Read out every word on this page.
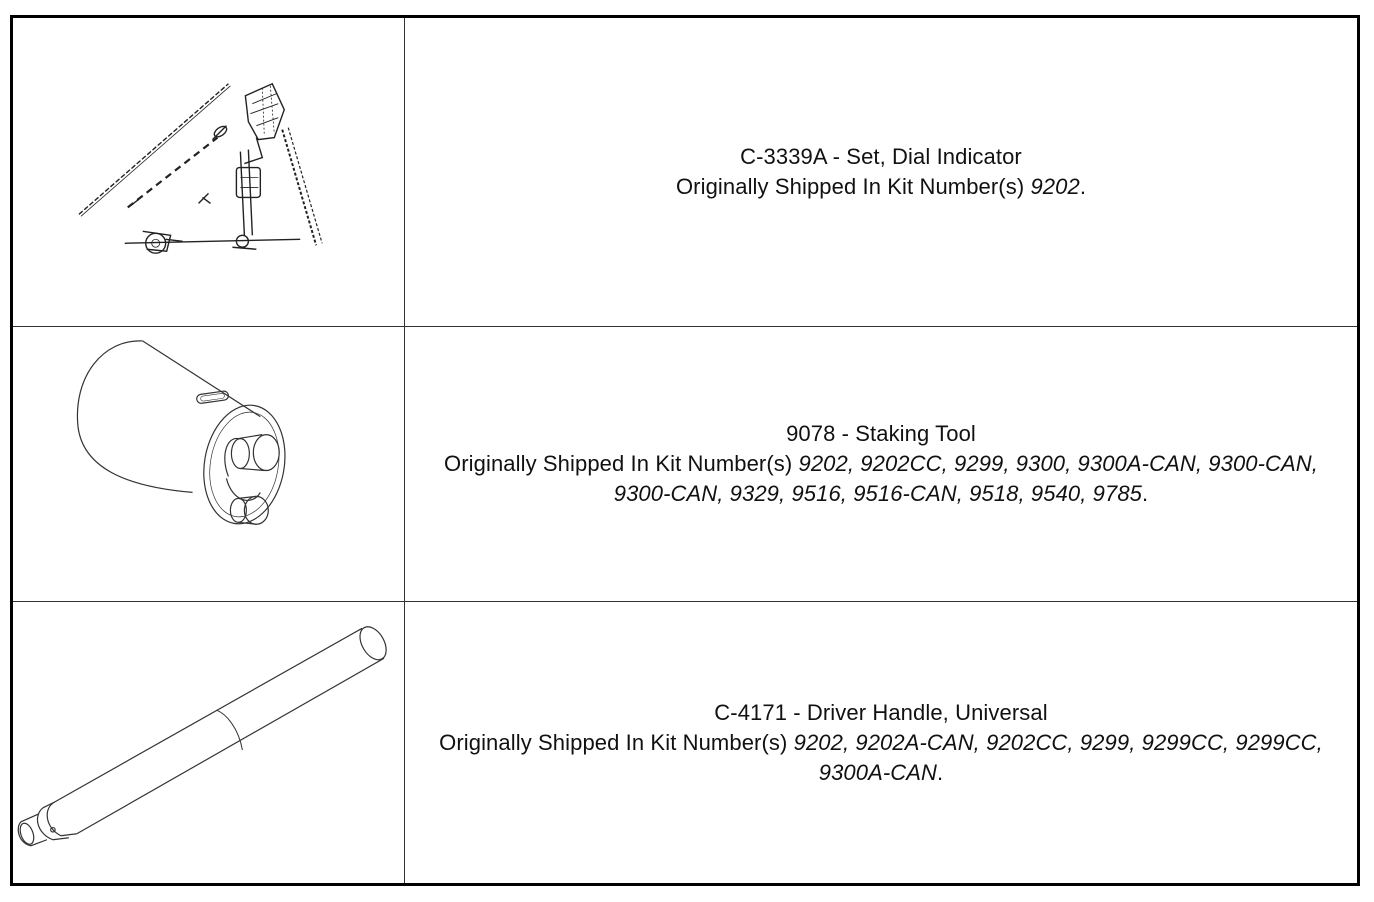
C-3339A - Set, Dial Indicator
Originally Shipped In Kit Number(s) 9202.
9078 - Staking Tool
Originally Shipped In Kit Number(s) 9202, 9202CC, 9299, 9300, 9300A-CAN, 9300-CAN, 9300-CAN, 9329, 9516, 9516-CAN, 9518, 9540, 9785.
C-4171 - Driver Handle, Universal
Originally Shipped In Kit Number(s) 9202, 9202A-CAN, 9202CC, 9299, 9299CC, 9299CC, 9300A-CAN.
